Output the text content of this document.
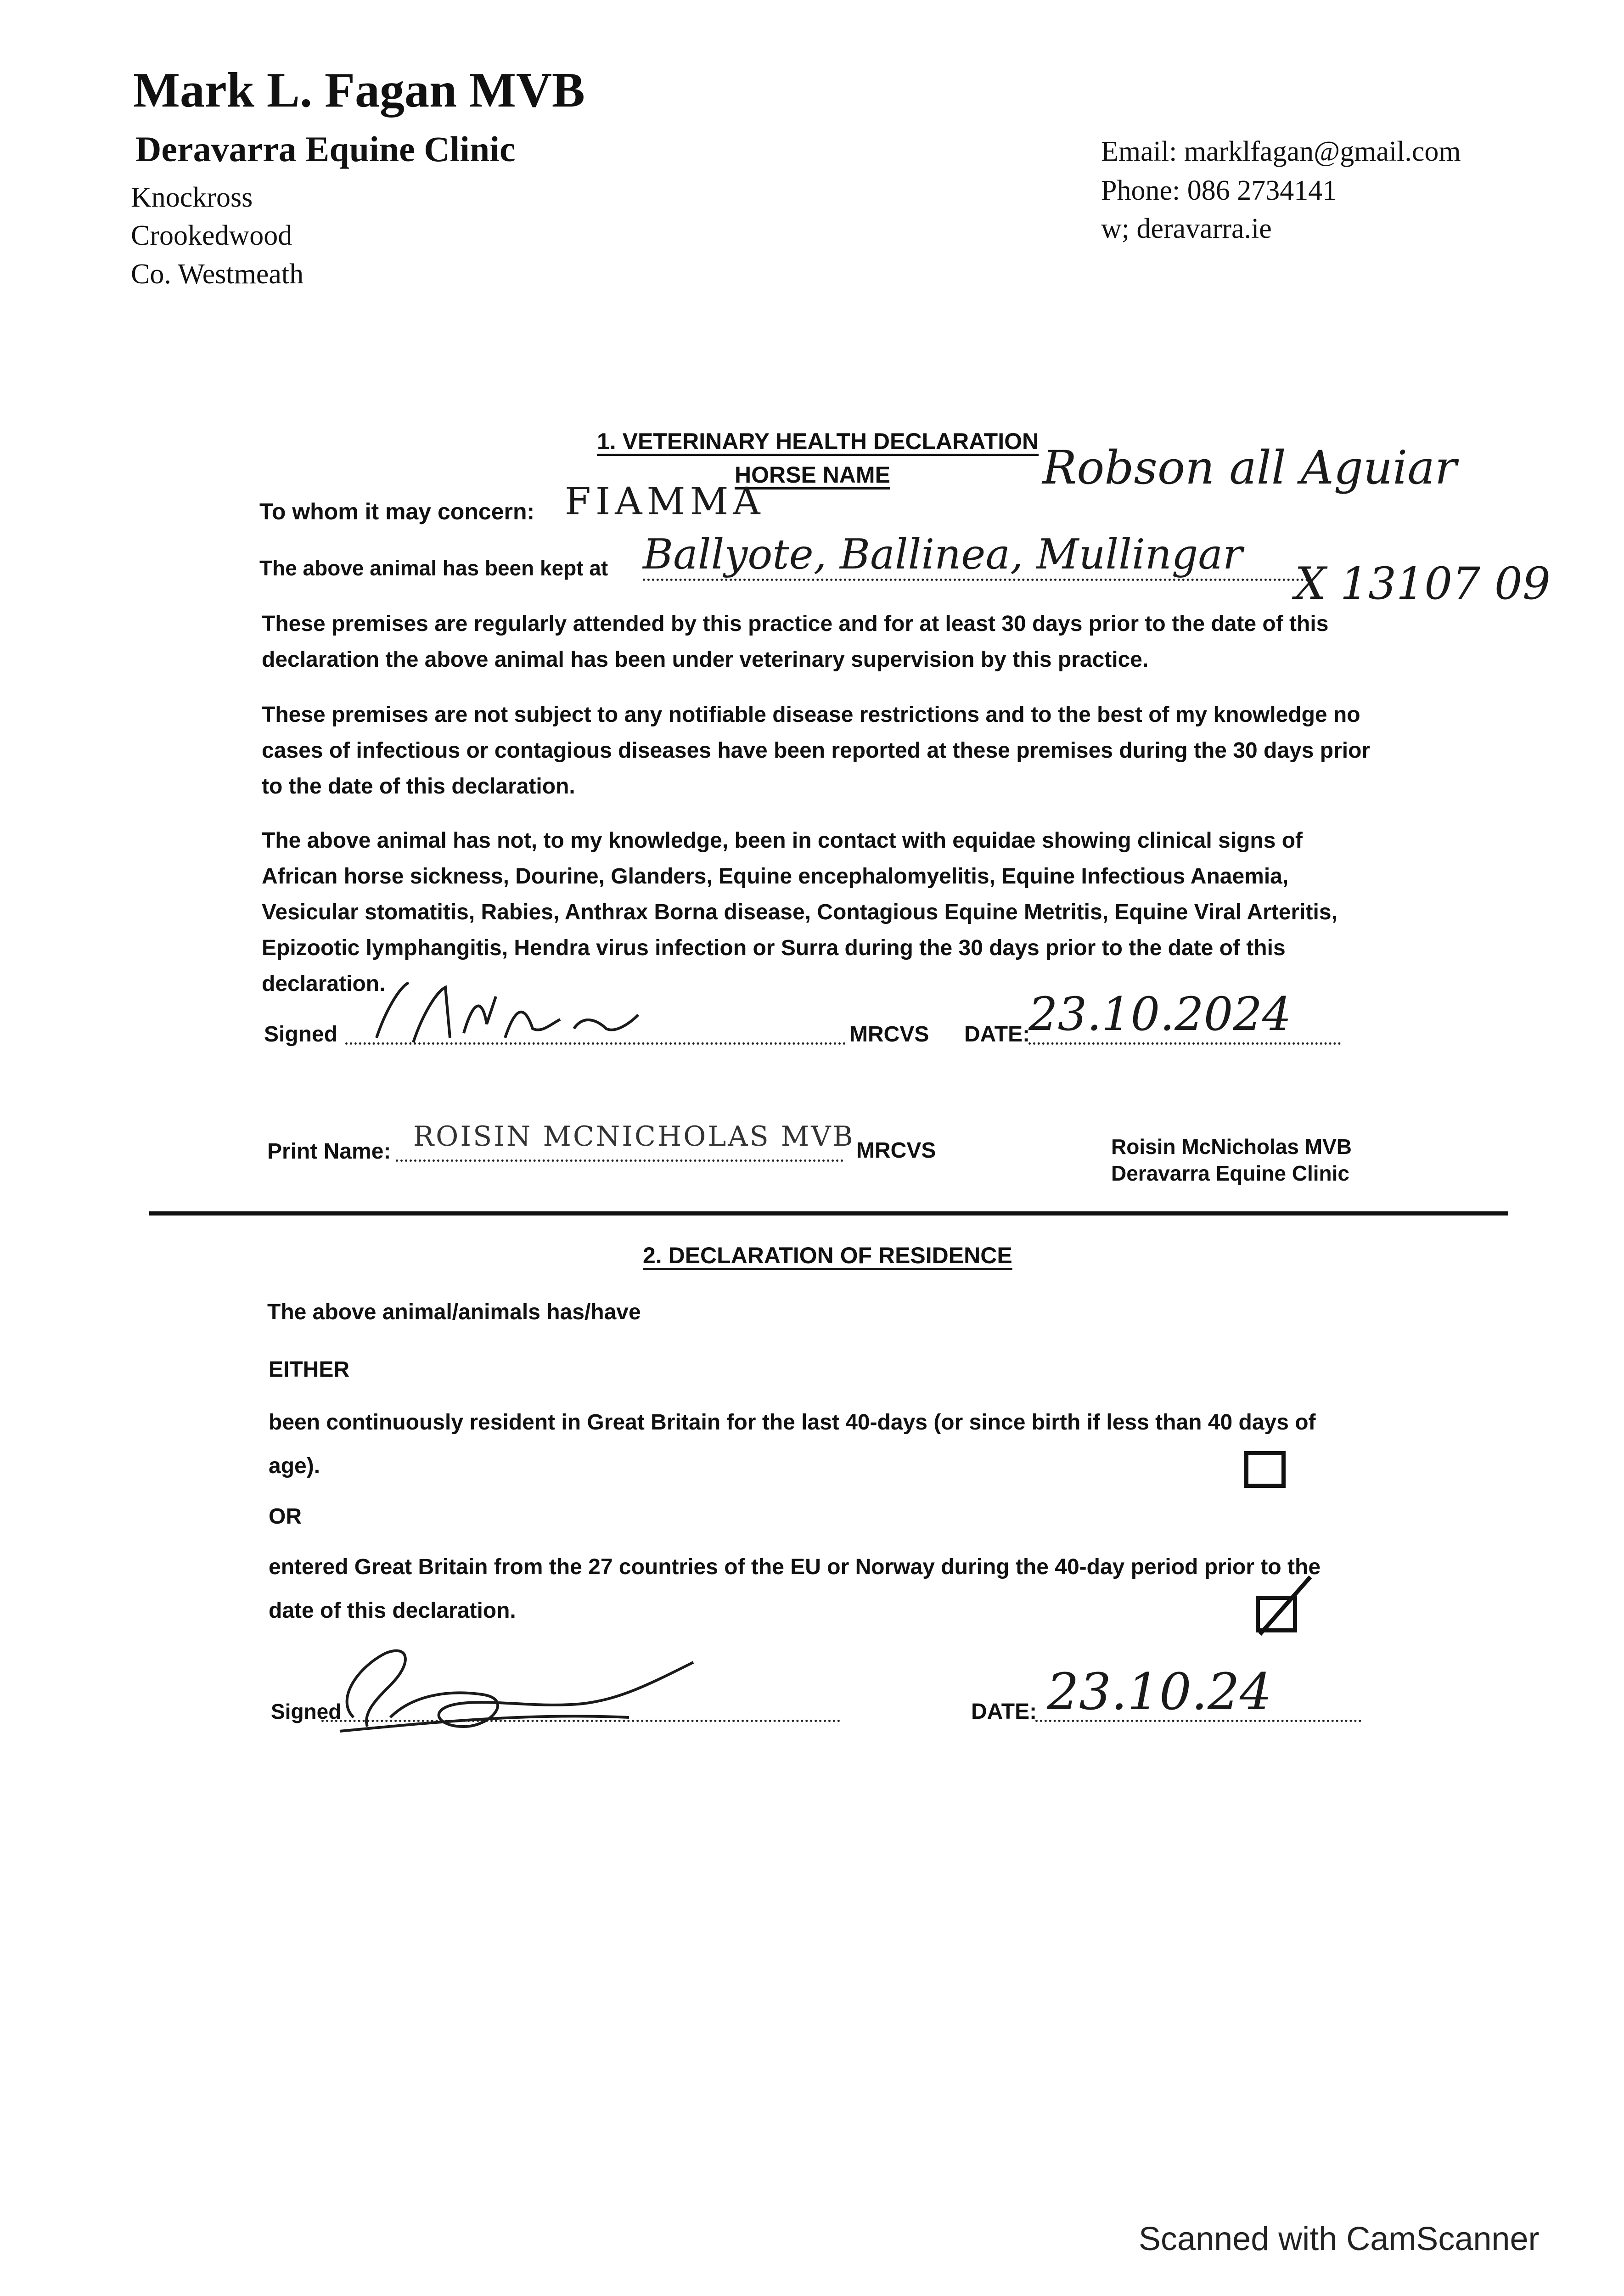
Mark L. Fagan MVB
Deravarra Equine Clinic
Knockross
Crookedwood
Co. Westmeath
Email: marklfagan@gmail.com
Phone: 086 2734141
w; deravarra.ie
1. VETERINARY HEALTH DECLARATION
HORSE NAME
To whom it may concern: FIAMMA
Robson all Aguiar
The above animal has been kept at Ballyote, Ballinea, Mullingar
X 13107 09
These premises are regularly attended by this practice and for at least 30 days prior to the date of this declaration the above animal has been under veterinary supervision by this practice.
These premises are not subject to any notifiable disease restrictions and to the best of my knowledge no cases of infectious or contagious diseases have been reported at these premises during the 30 days prior to the date of this declaration.
The above animal has not, to my knowledge, been in contact with equidae showing clinical signs of African horse sickness, Dourine, Glanders, Equine encephalomyelitis, Equine Infectious Anaemia, Vesicular stomatitis, Rabies, Anthrax Borna disease, Contagious Equine Metritis, Equine Viral Arteritis, Epizootic lymphangitis, Hendra virus infection or Surra during the 30 days prior to the date of this declaration.
Signed	MRCVS DATE:
23.10.2024
Print Name: ROISIN MCNICHOLAS MVB MRCVS	Roisin McNicholas MVB
Deravarra Equine Clinic
2. DECLARATION OF RESIDENCE
The above animal/animals has/have
EITHER
been continuously resident in Great Britain for the last 40-days (or since birth if less than 40 days of age).
OR
entered Great Britain from the 27 countries of the EU or Norway during the 40-day period prior to the date of this declaration.
Signed	DATE: 23.10.24
Scanned with CamScanner
